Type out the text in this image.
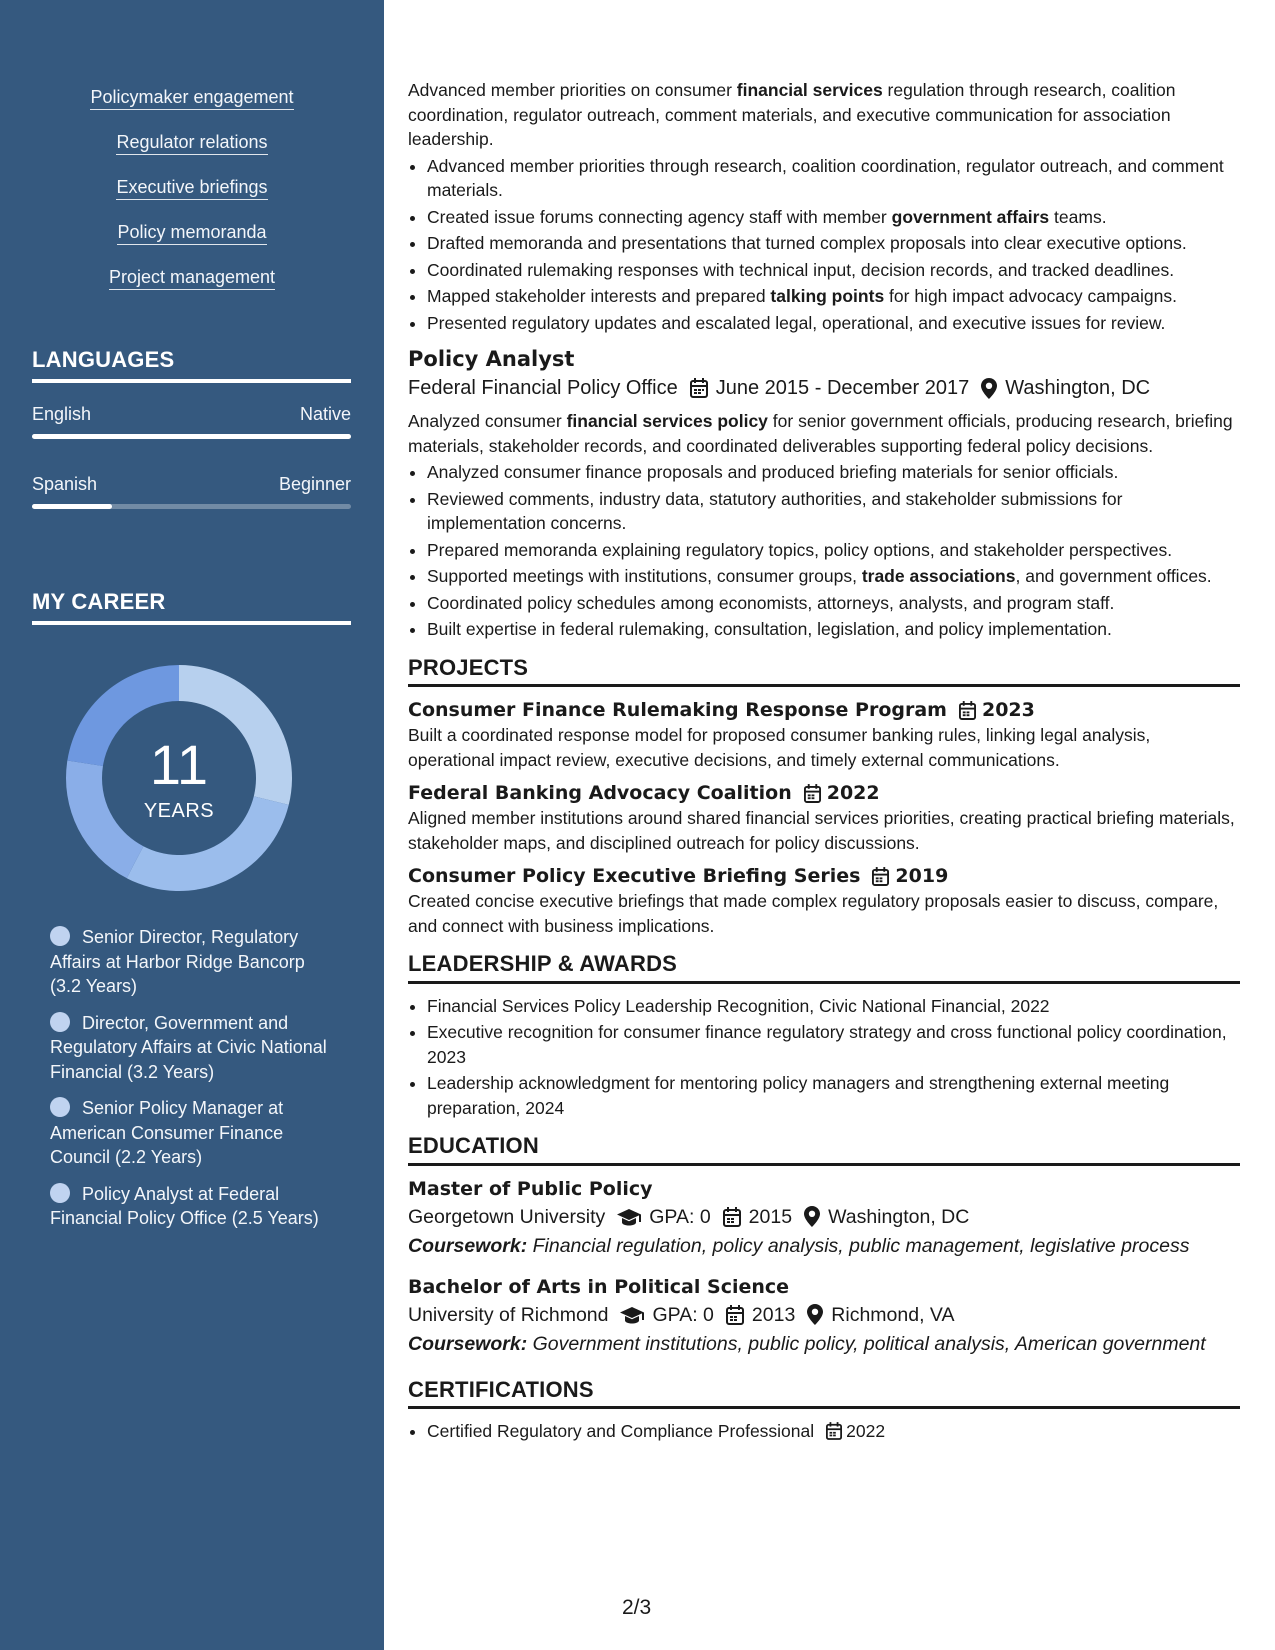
Policymaker engagement
Regulator relations
Executive briefings
Policy memoranda
Project management
LANGUAGES
English	Native
Spanish	Beginner
MY CAREER
11
YEARS
Senior Director, Regulatory Affairs at Harbor Ridge Bancorp (3.2 Years)
Director, Government and Regulatory Affairs at Civic National Financial (3.2 Years)
Senior Policy Manager at American Consumer Finance Council (2.2 Years)
Policy Analyst at Federal Financial Policy Office (2.5 Years)

Advanced member priorities on consumer financial services regulation through research, coalition coordination, regulator outreach, comment materials, and executive communication for association leadership.

• Advanced member priorities through research, coalition coordination, regulator outreach, and comment materials.
• Created issue forums connecting agency staff with member government affairs teams.
• Drafted memoranda and presentations that turned complex proposals into clear executive options.
• Coordinated rulemaking responses with technical input, decision records, and tracked deadlines.
• Mapped stakeholder interests and prepared talking points for high impact advocacy campaigns.
• Presented regulatory updates and escalated legal, operational, and executive issues for review.
Policy Analyst
Federal Financial Policy Office June 2015 - December 2017 Washington, DC

Analyzed consumer financial services policy for senior government officials, producing research, briefing materials, stakeholder records, and coordinated deliverables supporting federal policy decisions.

• Analyzed consumer finance proposals and produced briefing materials for senior officials.
• Reviewed comments, industry data, statutory authorities, and stakeholder submissions for implementation concerns.
• Prepared memoranda explaining regulatory topics, policy options, and stakeholder perspectives.
• Supported meetings with institutions, consumer groups, trade associations, and government offices.
• Coordinated policy schedules among economists, attorneys, analysts, and program staff.
• Built expertise in federal rulemaking, consultation, legislation, and policy implementation.
PROJECTS
Consumer Finance Rulemaking Response Program 2023

Built a coordinated response model for proposed consumer banking rules, linking legal analysis, operational impact review, executive decisions, and timely external communications.

Federal Banking Advocacy Coalition 2022

Aligned member institutions around shared financial services priorities, creating practical briefing materials, stakeholder maps, and disciplined outreach for policy discussions.

Consumer Policy Executive Briefing Series 2019

Created concise executive briefings that made complex regulatory proposals easier to discuss, compare, and connect with business implications.

LEADERSHIP & AWARDS
• Financial Services Policy Leadership Recognition, Civic National Financial, 2022
• Executive recognition for consumer finance regulatory strategy and cross functional policy coordination, 2023
• Leadership acknowledgment for mentoring policy managers and strengthening external meeting preparation, 2024
EDUCATION
Master of Public Policy
Georgetown University GPA: 0 2015 Washington, DC
Coursework: Financial regulation, policy analysis, public management, legislative process
Bachelor of Arts in Political Science
University of Richmond GPA: 0 2013 Richmond, VA
Coursework: Government institutions, public policy, political analysis, American government
CERTIFICATIONS
• Certified Regulatory and Compliance Professional 2022
2/3
